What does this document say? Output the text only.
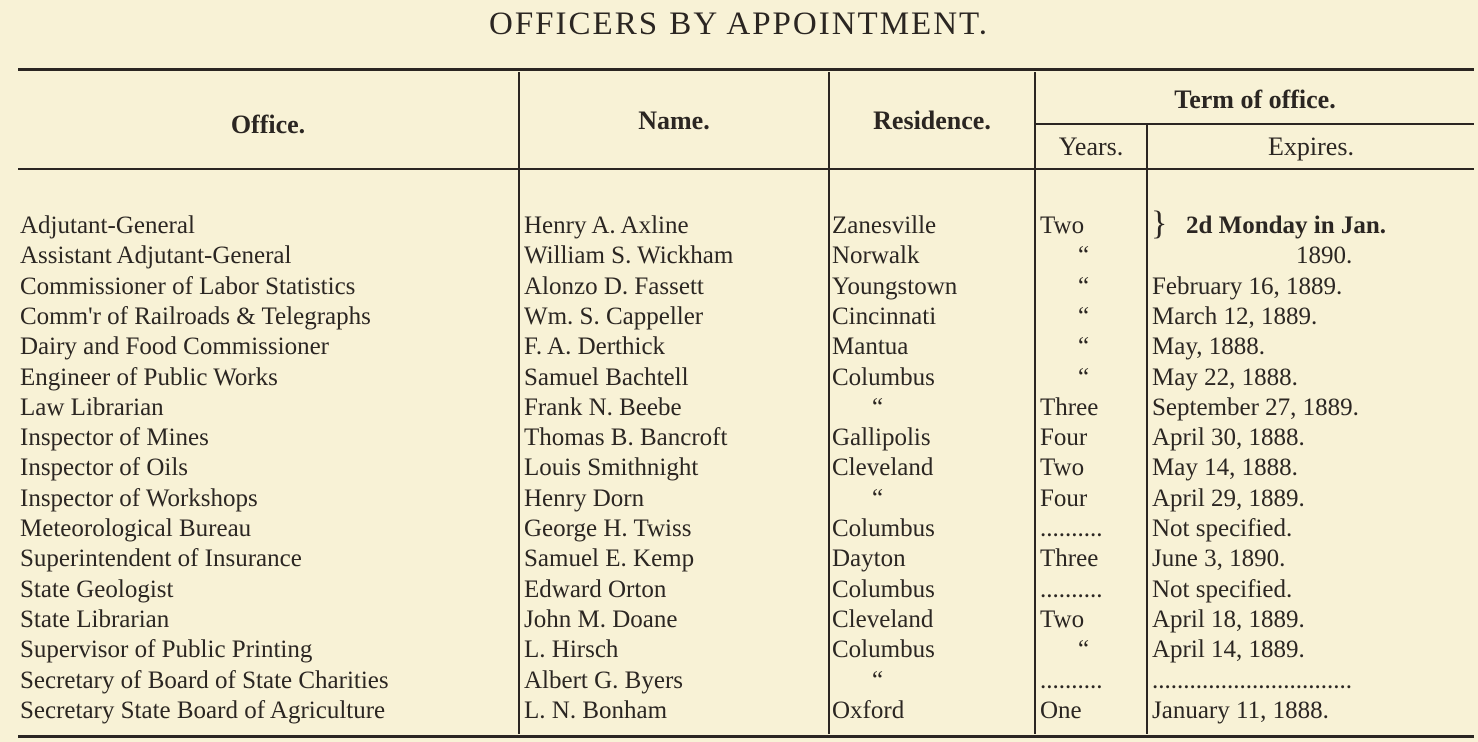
OFFICERS BY APPOINTMENT.
Office.	Name.	Residence.
Term of office.
Years.	Expires.
Adjutant-General	Henry A. Axline	Zanesville	Two	2d Monday in Jan.
Assistant Adjutant-General	William S. Wickham	Norwalk	“	1890.
Commissioner of Labor Statistics	Alonzo D. Fassett	Youngstown	“	February 16, 1889.
Comm'r of Railroads & Telegraphs	Wm. S. Cappeller	Cincinnati	“	March 12, 1889.
Dairy and Food Commissioner	F. A. Derthick	Mantua	“	May, 1888.
Engineer of Public Works	Samuel Bachtell	Columbus	“	May 22, 1888.
Law Librarian	Frank N. Beebe	“	Three September 27, 1889.
Inspector of Mines	Thomas B. Bancroft	Gallipolis	Four	April 30, 1888.
Inspector of Oils	Louis Smithnight	Cleveland	Two	May 14, 1888.
Inspector of Workshops	Henry Dorn	“	Four	April 29, 1889.
Meteorological Bureau	George H. Twiss	Columbus	.......... Not specified.
Superintendent of Insurance	Samuel E. Kemp	Dayton	Three June 3, 1890.
State Geologist	Edward Orton	Columbus	.......... Not specified.
State Librarian	John M. Doane	Cleveland	Two	April 18, 1889.
Supervisor of Public Printing	L. Hirsch	Columbus	“	April 14, 1889.
Secretary of Board of State Charities	Albert G. Byers	“	.......... ................................
Secretary State Board of Agriculture	L. N. Bonham	Oxford	One	January 11, 1888.
}
